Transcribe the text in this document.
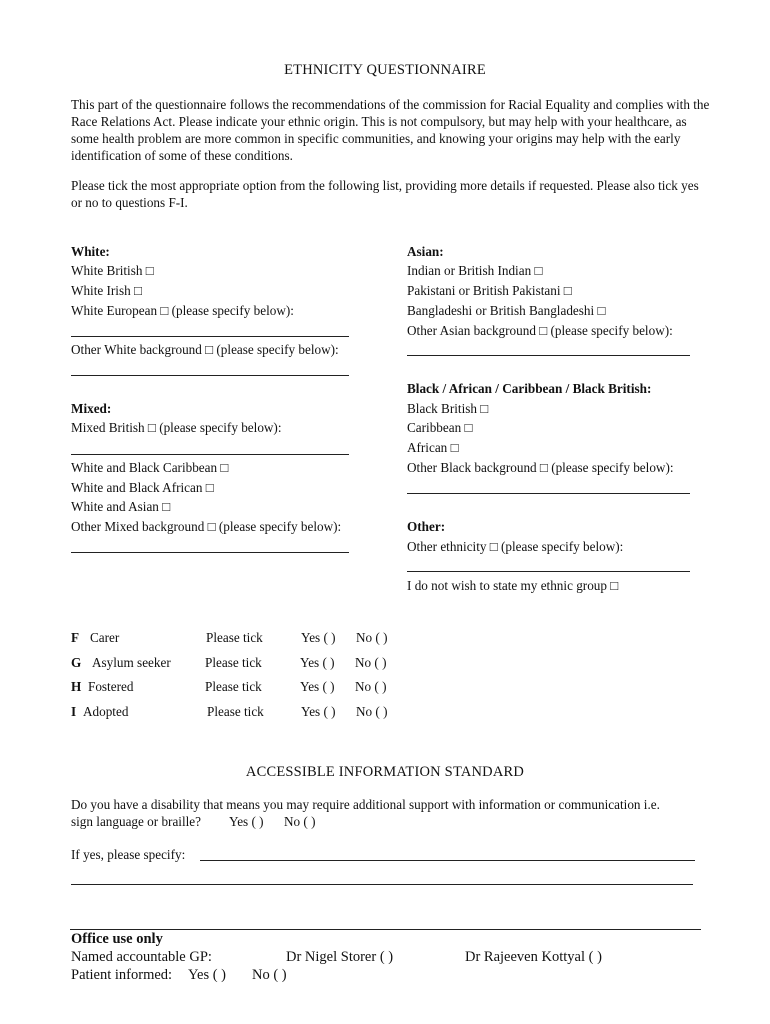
ETHNICITY QUESTIONNAIRE
This part of the questionnaire follows the recommendations of the commission for Racial Equality and complies with the Race Relations Act. Please indicate your ethnic origin. This is not compulsory, but may help with your healthcare, as some health problem are more common in specific communities, and knowing your origins may help with the early identification of some of these conditions.
Please tick the most appropriate option from the following list, providing more details if requested. Please also tick yes or no to questions F-I.
White:
White British □
White Irish □
White European □ (please specify below):
Other White background □ (please specify below):
Mixed:
Mixed British □ (please specify below):
White and Black Caribbean □
White and Black African □
White and Asian □
Other Mixed background □ (please specify below):
Asian:
Indian or British Indian □
Pakistani or British Pakistani □
Bangladeshi or British Bangladeshi □
Other Asian background □ (please specify below):
Black / African / Caribbean / Black British:
Black British □
Caribbean □
African □
Other Black background □ (please specify below):
Other:
Other ethnicity □ (please specify below):
I do not wish to state my ethnic group □
F Carer	Please tick	Yes ( ) No ( )
G Asylum seeker	Please tick	Yes ( ) No ( )
H Fostered	Please tick	Yes ( ) No ( )
I Adopted	Please tick	Yes ( ) No ( )
ACCESSIBLE INFORMATION STANDARD
Do you have a disability that means you may require additional support with information or communication i.e.
sign language or braille? Yes ( ) No ( )
If yes, please specify:
Office use only
Named accountable GP:	Dr Nigel Storer ( )	Dr Rajeeven Kottyal ( )
Patient informed: Yes ( ) No ( )
